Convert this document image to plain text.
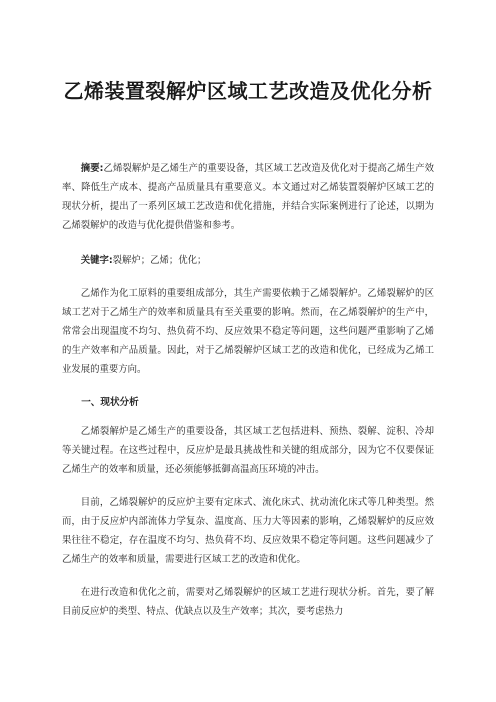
乙烯装置裂解炉区域工艺改造及优化分析

摘要:乙烯裂解炉是乙烯生产的重要设备，其区域工艺改造及优化对于提高乙烯生产效率、降低生产成本、提高产品质量具有重要意义。本文通过对乙烯装置裂解炉区域工艺的现状分析，提出了一系列区域工艺改造和优化措施，并结合实际案例进行了论述，以期为乙烯裂解炉的改造与优化提供借鉴和参考。

关键字:裂解炉；乙烯；优化；

乙烯作为化工原料的重要组成部分，其生产需要依赖于乙烯裂解炉。乙烯裂解炉的区域工艺对于乙烯生产的效率和质量具有至关重要的影响。然而，在乙烯裂解炉的生产中，常常会出现温度不均匀、热负荷不均、反应效果不稳定等问题，这些问题严重影响了乙烯的生产效率和产品质量。因此，对于乙烯裂解炉区域工艺的改造和优化，已经成为乙烯工业发展的重要方向。

一、现状分析

乙烯裂解炉是乙烯生产的重要设备，其区域工艺包括进料、预热、裂解、淀积、冷却等关键过程。在这些过程中，反应炉是最具挑战性和关键的组成部分，因为它不仅要保证乙烯生产的效率和质量，还必须能够抵御高温高压环境的冲击。

目前，乙烯裂解炉的反应炉主要有定床式、流化床式、扰动流化床式等几种类型。然而，由于反应炉内部流体力学复杂、温度高、压力大等因素的影响，乙烯裂解炉的反应效果往往不稳定，存在温度不均匀、热负荷不均、反应效果不稳定等问题。这些问题减少了乙烯生产的效率和质量，需要进行区域工艺的改造和优化。

在进行改造和优化之前，需要对乙烯裂解炉的区域工艺进行现状分析。首先，要了解目前反应炉的类型、特点、优缺点以及生产效率；其次，要考虑热力
